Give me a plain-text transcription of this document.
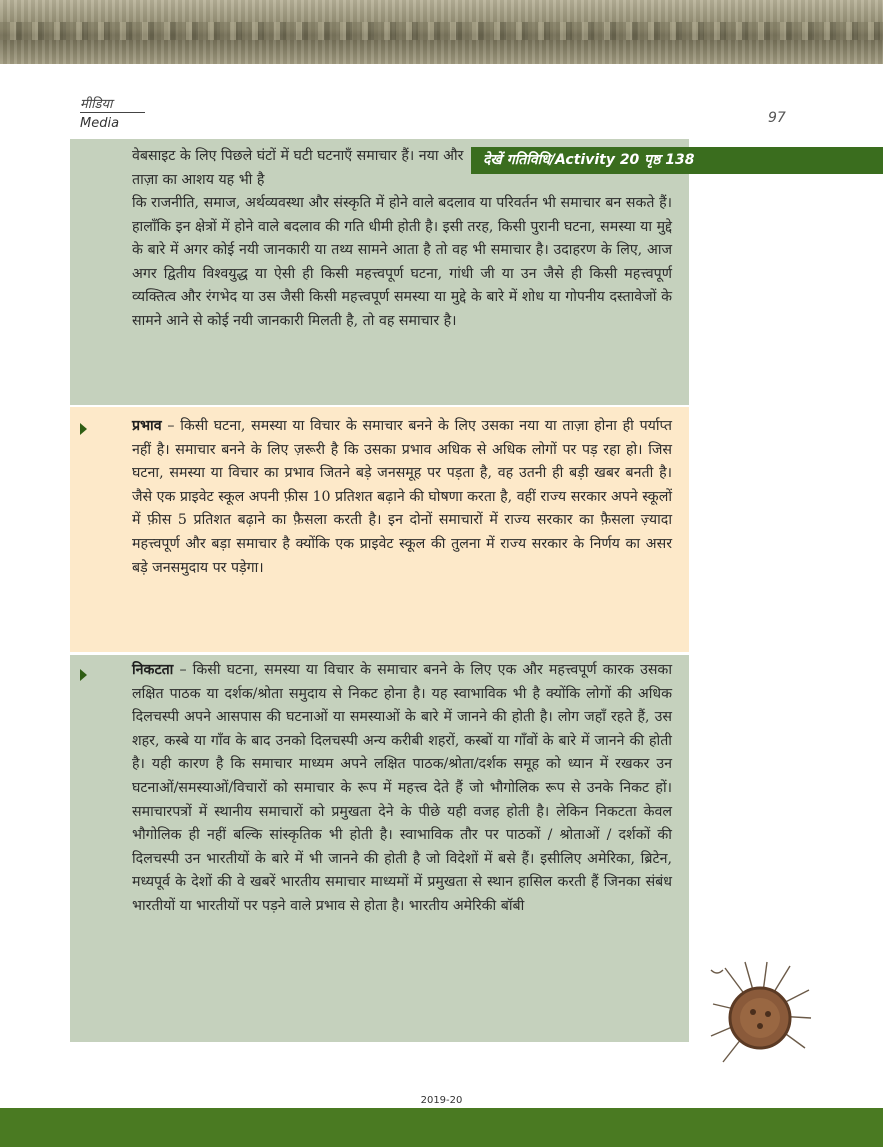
मीडिया
Media	97

वेबसाइट के लिए पिछले घंटों में घटी घटनाएँ समाचार हैं। नया और ताज़ा का आशय यह भी है

कि राजनीति, समाज, अर्थव्यवस्था और संस्कृति में होने वाले बदलाव या परिवर्तन भी समाचार बन सकते हैं। हालाँकि इन क्षेत्रों में होने वाले बदलाव की गति धीमी होती है। इसी तरह, किसी पुरानी घटना, समस्या या मुद्दे के बारे में अगर कोई नयी जानकारी या तथ्य सामने आता है तो वह भी समाचार है। उदाहरण के लिए, आज अगर द्वितीय विश्वयुद्ध या ऐसी ही किसी महत्त्वपूर्ण घटना, गांधी जी या उन जैसे ही किसी महत्त्वपूर्ण व्यक्तित्व और रंगभेद या उस जैसी किसी महत्त्वपूर्ण समस्या या मुद्दे के बारे में शोध या गोपनीय दस्तावेजों के सामने आने से कोई नयी जानकारी मिलती है, तो वह समाचार है।

देखें गतिविधि/Activity 20 पृष्ठ 138

प्रभाव – किसी घटना, समस्या या विचार के समाचार बनने के लिए उसका नया या ताज़ा होना ही पर्याप्त नहीं है। समाचार बनने के लिए ज़रूरी है कि उसका प्रभाव अधिक से अधिक लोगों पर पड़ रहा हो। जिस घटना, समस्या या विचार का प्रभाव जितने बड़े जनसमूह पर पड़ता है, वह उतनी ही बड़ी खबर बनती है। जैसे एक प्राइवेट स्कूल अपनी फ़ीस 10 प्रतिशत बढ़ाने की घोषणा करता है, वहीं राज्य सरकार अपने स्कूलों में फ़ीस 5 प्रतिशत बढ़ाने का फ़ैसला करती है। इन दोनों समाचारों में राज्य सरकार का फ़ैसला ज़्यादा महत्त्वपूर्ण और बड़ा समाचार है क्योंकि एक प्राइवेट स्कूल की तुलना में राज्य सरकार के निर्णय का असर बड़े जनसमुदाय पर पड़ेगा।

निकटता – किसी घटना, समस्या या विचार के समाचार बनने के लिए एक और महत्त्वपूर्ण कारक उसका लक्षित पाठक या दर्शक/श्रोता समुदाय से निकट होना है। यह स्वाभाविक भी है क्योंकि लोगों की अधिक दिलचस्पी अपने आसपास की घटनाओं या समस्याओं के बारे में जानने की होती है। लोग जहाँ रहते हैं, उस शहर, कस्बे या गाँव के बाद उनको दिलचस्पी अन्य करीबी शहरों, कस्बों या गाँवों के बारे में जानने की होती है। यही कारण है कि समाचार माध्यम अपने लक्षित पाठक/श्रोता/दर्शक समूह को ध्यान में रखकर उन घटनाओं/समस्याओं/विचारों को समाचार के रूप में महत्त्व देते हैं जो भौगोलिक रूप से उनके निकट हों। समाचारपत्रों में स्थानीय समाचारों को प्रमुखता देने के पीछे यही वजह होती है। लेकिन निकटता केवल भौगोलिक ही नहीं बल्कि सांस्कृतिक भी होती है। स्वाभाविक तौर पर पाठकों / श्रोताओं / दर्शकों की दिलचस्पी उन भारतीयों के बारे में भी जानने की होती है जो विदेशों में बसे हैं। इसीलिए अमेरिका, ब्रिटेन, मध्यपूर्व के देशों की वे खबरें भारतीय समाचार माध्यमों में प्रमुखता से स्थान हासिल करती हैं जिनका संबंध भारतीयों या भारतीयों पर पड़ने वाले प्रभाव से होता है। भारतीय अमेरिकी बॉबी

2019-20
